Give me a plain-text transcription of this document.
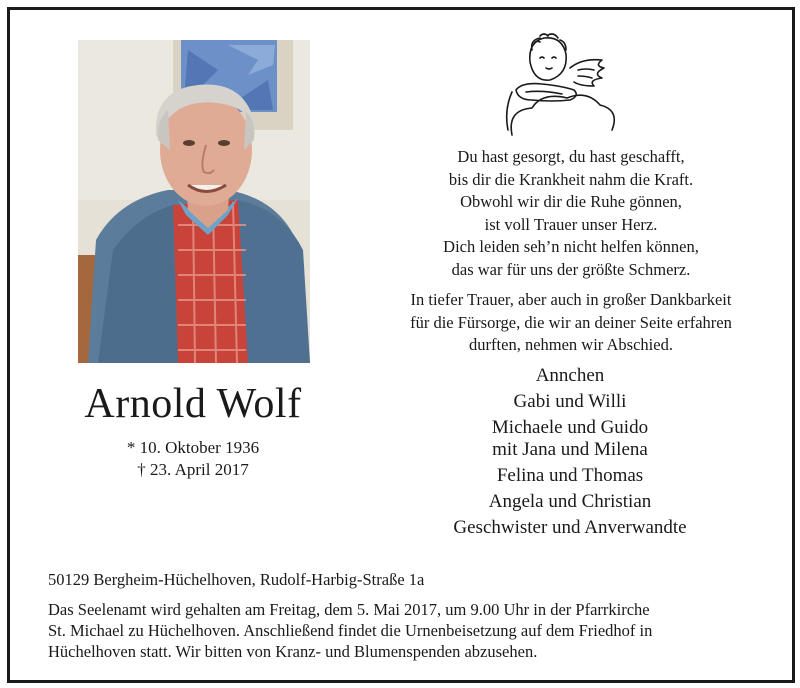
Arnold Wolf
* 10. Oktober 1936
† 23. April 2017
Du hast gesorgt, du hast geschafft,
bis dir die Krankheit nahm die Kraft.
Obwohl wir dir die Ruhe gönnen,
ist voll Trauer unser Herz.
Dich leiden seh’n nicht helfen können,
das war für uns der größte Schmerz.
In tiefer Trauer, aber auch in großer Dankbarkeit
für die Fürsorge, die wir an deiner Seite erfahren
durften, nehmen wir Abschied.
Annchen
Gabi und Willi
Michaele und Guido
mit Jana und Milena
Felina und Thomas
Angela und Christian
Geschwister und Anverwandte
50129 Bergheim-Hüchelhoven, Rudolf-Harbig-Straße 1a
Das Seelenamt wird gehalten am Freitag, dem 5. Mai 2017, um 9.00 Uhr in der Pfarrkirche
St. Michael zu Hüchelhoven. Anschließend findet die Urnenbeisetzung auf dem Friedhof in
Hüchelhoven statt. Wir bitten von Kranz- und Blumenspenden abzusehen.
